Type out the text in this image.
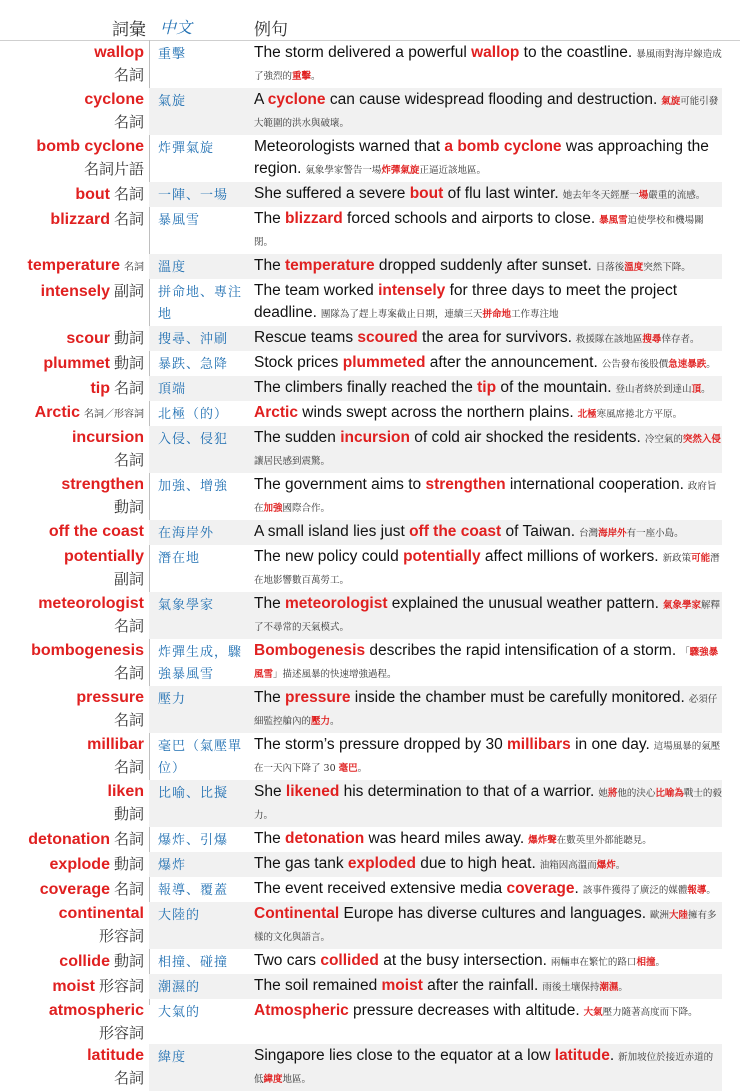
詞彙 中文	例句
wallop
名詞	重擊	The storm delivered a powerful wallop to the coastline. 暴風雨對海岸線造成了強烈的重擊。
cyclone
名詞	氣旋	A cyclone can cause widespread flooding and destruction. 氣旋可能引發大範圍的洪水與破壞。
bomb cyclone
名詞片語	炸彈氣旋	Meteorologists warned that a bomb cyclone was approaching the region. 氣象學家警告一場炸彈氣旋正逼近該地區。
bout 名詞	一陣、一場	She suffered a severe bout of flu last winter. 她去年冬天經歷一場嚴重的流感。
blizzard 名詞	暴風雪	The blizzard forced schools and airports to close. 暴風雪迫使學校和機場關閉。
temperature 名詞	溫度	The temperature dropped suddenly after sunset. 日落後溫度突然下降。
intensely 副詞	拼命地、專注地	The team worked intensely for three days to meet the project deadline. 團隊為了趕上專案截止日期，連續三天拼命地工作專注地
scour 動詞	搜尋、沖刷	Rescue teams scoured the area for survivors. 救援隊在該地區搜尋倖存者。
plummet 動詞	暴跌、急降	Stock prices plummeted after the announcement. 公告發布後股價急速暴跌。
tip 名詞	頂端	The climbers finally reached the tip of the mountain. 登山者終於到達山頂。
Arctic 名詞／形容詞	北極（的）	Arctic winds swept across the northern plains. 北極寒風席捲北方平原。
incursion
名詞	入侵、侵犯	The sudden incursion of cold air shocked the residents. 冷空氣的突然入侵讓居民感到震驚。
strengthen
動詞	加強、增強	The government aims to strengthen international cooperation. 政府旨在加強國際合作。
off the coast	在海岸外	A small island lies just off the coast of Taiwan. 台灣海岸外有一座小島。
potentially
副詞	潛在地	The new policy could potentially affect millions of workers. 新政策可能潛在地影響數百萬勞工。
meteorologist
名詞	氣象學家	The meteorologist explained the unusual weather pattern. 氣象學家解釋了不尋常的天氣模式。
bombogenesis
名詞	炸彈生成，驟強暴風雪	Bombogenesis describes the rapid intensification of a storm. 「驟強暴風雪」描述風暴的快速增強過程。
pressure
名詞	壓力	The pressure inside the chamber must be carefully monitored. 必須仔細監控艙內的壓力。
millibar
名詞	毫巴（氣壓單位）	The storm’s pressure dropped by 30 millibars in one day. 這場風暴的氣壓在一天內下降了 30 毫巴。
liken
動詞	比喻、比擬	She likened his determination to that of a warrior. 她將他的決心比喻為戰士的毅力。
detonation 名詞	爆炸、引爆	The detonation was heard miles away. 爆炸聲在數英里外都能聽見。
explode 動詞	爆炸	The gas tank exploded due to high heat. 油箱因高溫而爆炸。
coverage 名詞	報導、覆蓋	The event received extensive media coverage. 該事件獲得了廣泛的媒體報導。
continental
形容詞	大陸的	Continental Europe has diverse cultures and languages. 歐洲大陸擁有多樣的文化與語言。
collide 動詞	相撞、碰撞	Two cars collided at the busy intersection. 兩輛車在繁忙的路口相撞。
moist 形容詞	潮濕的	The soil remained moist after the rainfall. 雨後土壤保持潮濕。
atmospheric
形容詞	大氣的	Atmospheric pressure decreases with altitude. 大氣壓力隨著高度而下降。
latitude
名詞	緯度	Singapore lies close to the equator at a low latitude. 新加坡位於接近赤道的低緯度地區。
